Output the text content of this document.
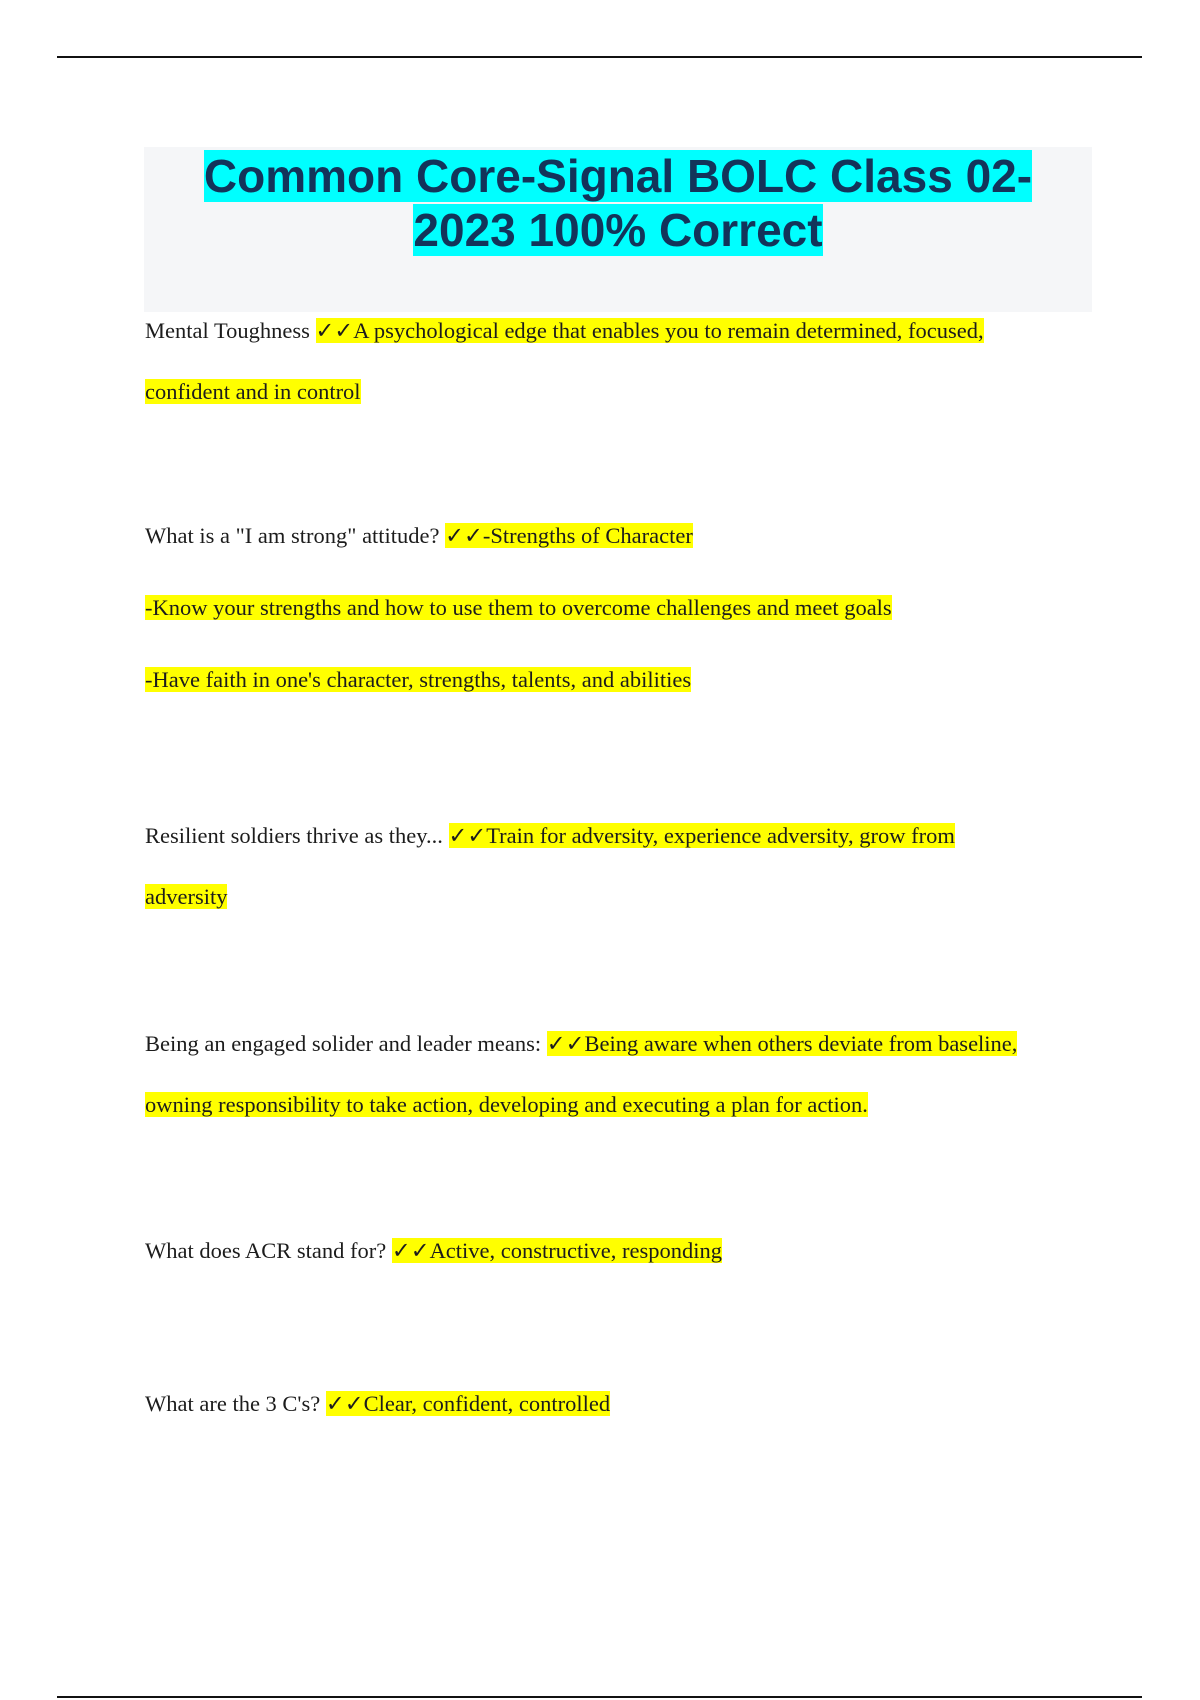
Common Core-Signal BOLC Class 02-
2023 100% Correct

Mental Toughness ✓✓A psychological edge that enables you to remain determined, focused,
confident and in control

What is a "I am strong" attitude? ✓✓-Strengths of Character
-Know your strengths and how to use them to overcome challenges and meet goals
-Have faith in one's character, strengths, talents, and abilities

Resilient soldiers thrive as they... ✓✓Train for adversity, experience adversity, grow from
adversity

Being an engaged solider and leader means: ✓✓Being aware when others deviate from baseline,
owning responsibility to take action, developing and executing a plan for action.

What does ACR stand for? ✓✓Active, constructive, responding

What are the 3 C's? ✓✓Clear, confident, controlled
